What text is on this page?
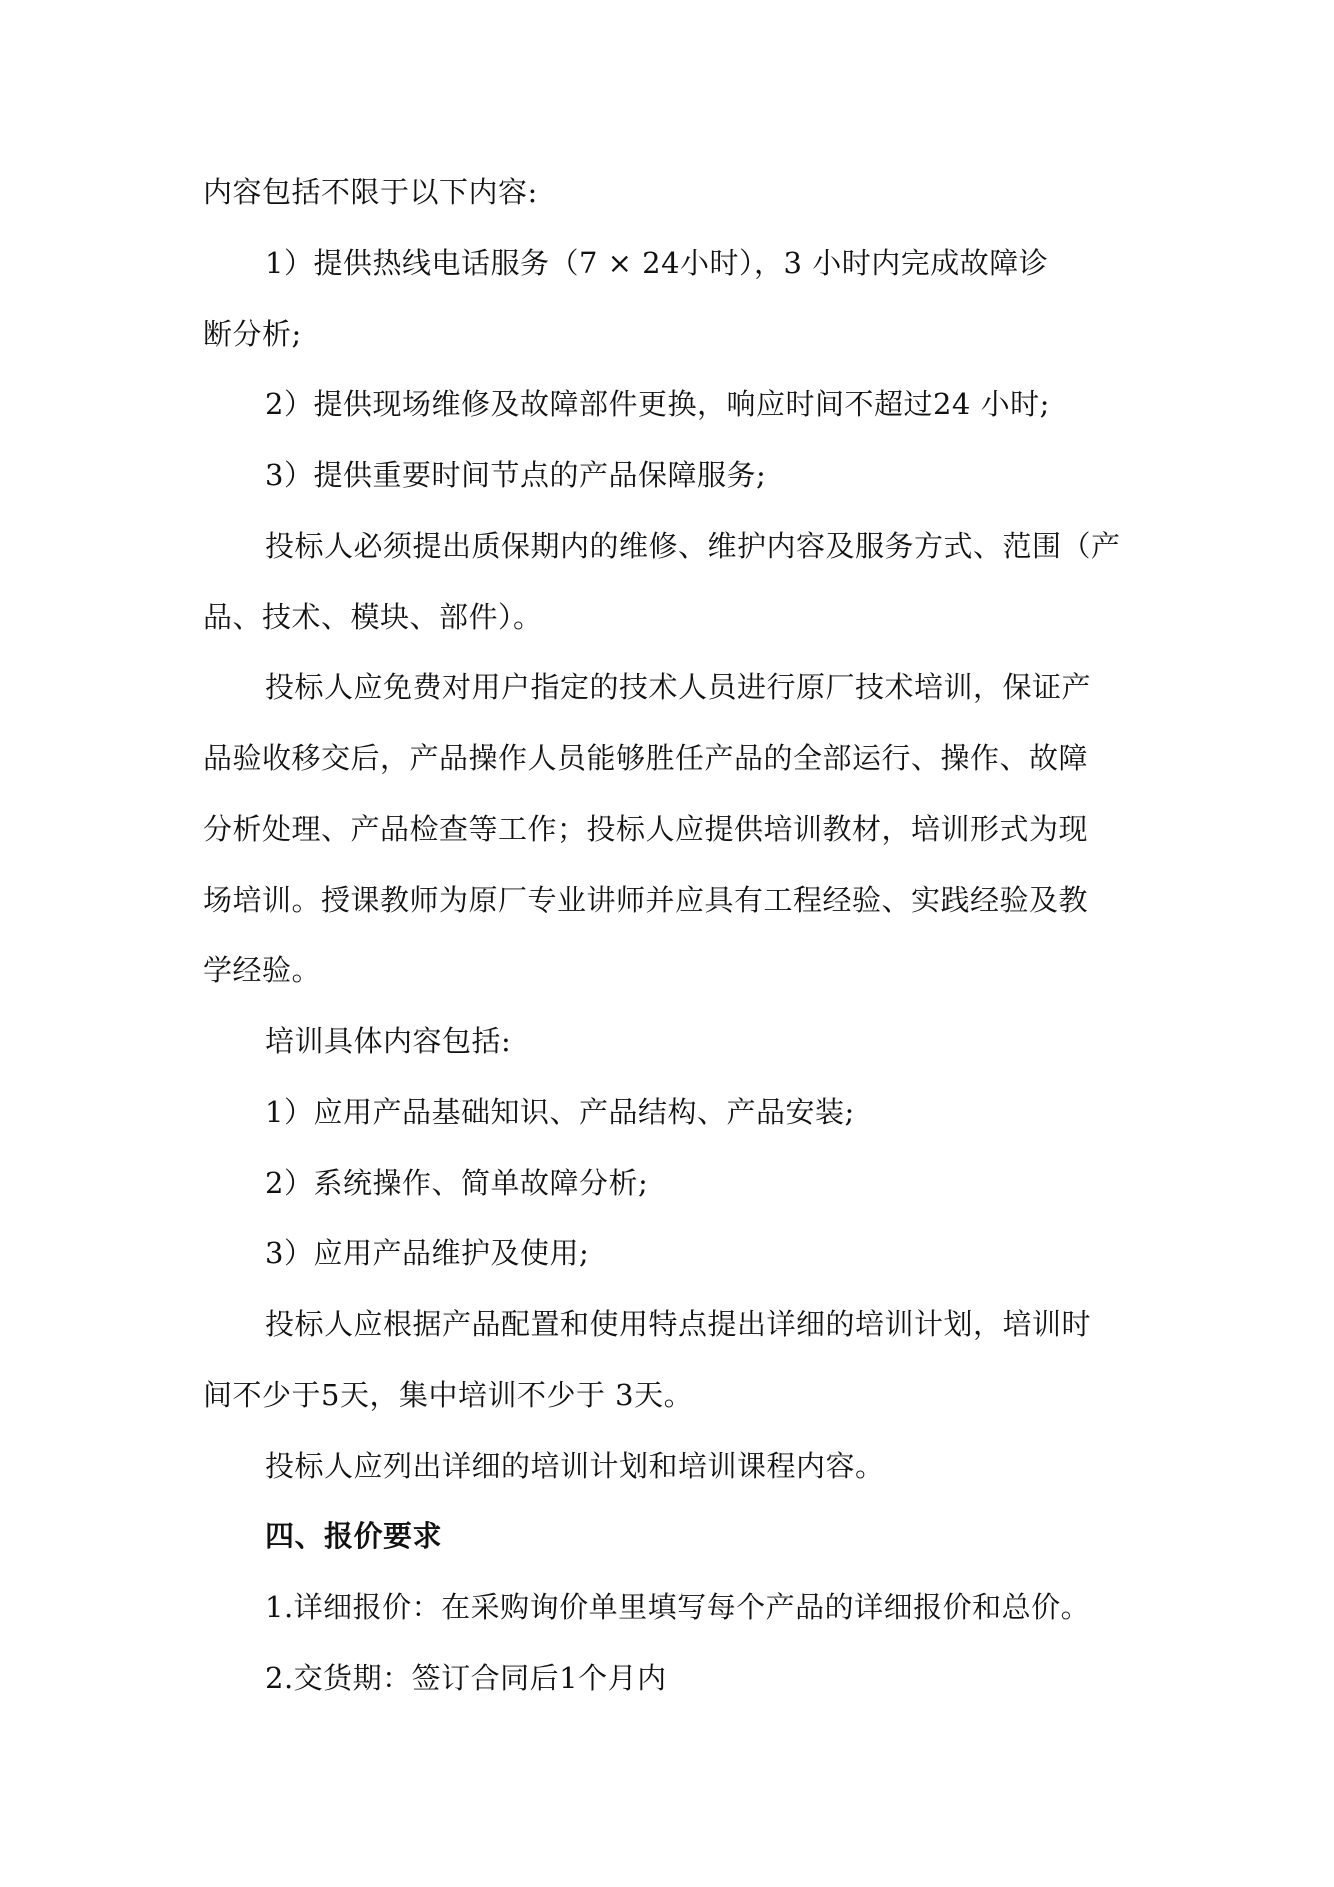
内容包括不限于以下内容:
1）提供热线电话服务（7 × 24小时），3 小时内完成故障诊
断分析;
2）提供现场维修及故障部件更换，响应时间不超过24 小时;
3）提供重要时间节点的产品保障服务;
投标人必须提出质保期内的维修、维护内容及服务方式、范围（产
品、技术、模块、部件）。
投标人应免费对用户指定的技术人员进行原厂技术培训，保证产
品验收移交后，产品操作人员能够胜任产品的全部运行、操作、故障
分析处理、产品检查等工作；投标人应提供培训教材，培训形式为现
场培训。授课教师为原厂专业讲师并应具有工程经验、实践经验及教
学经验。
培训具体内容包括:
1）应用产品基础知识、产品结构、产品安装;
2）系统操作、简单故障分析;
3）应用产品维护及使用;
投标人应根据产品配置和使用特点提出详细的培训计划，培训时
间不少于5天，集中培训不少于 3天。
投标人应列出详细的培训计划和培训课程内容。
四、报价要求
1.详细报价：在采购询价单里填写每个产品的详细报价和总价。
2.交货期：签订合同后1个月内
